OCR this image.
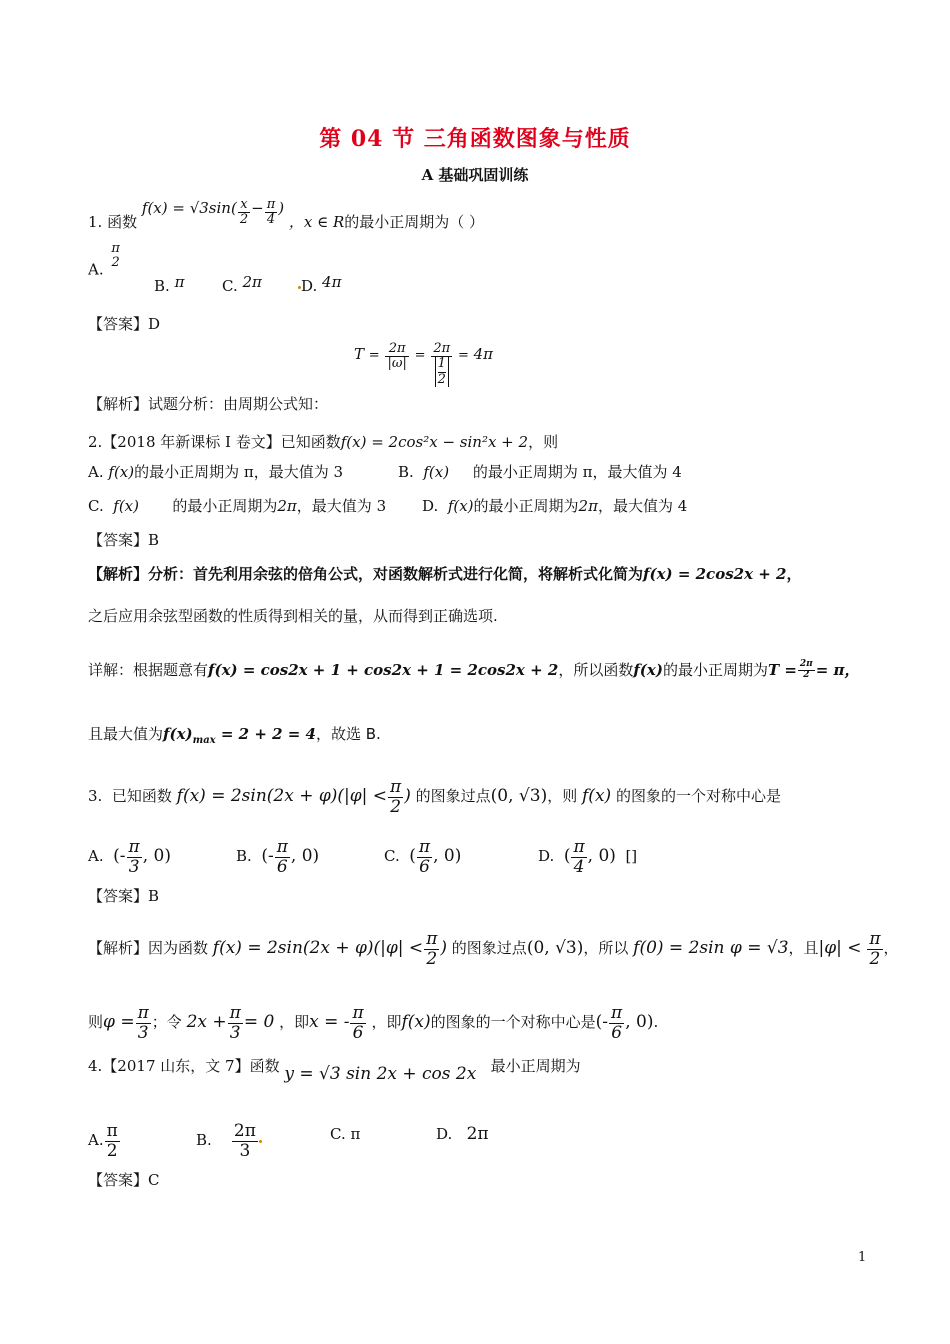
第 04 节 三角函数图象与性质
A 基础巩固训练
1. 函数 $f(x) = √3\sin( \frac{x}{2} - \frac{\pi}{4}$ ) ，x ∈ R的最小正周期为（ ）
A.
π
2
B. π	C. 2π	D. 4π
【答案】D
$T = \frac{2\pi}{|\omega|} = \frac{2\pi}{\frac{1}{2}} = 4\pi$
【解析】试题分析：由周期公式知：
2.【2018 年新课标 I 卷文】已知函数f(x) = 2cos²x − sin²x + 2，则
A. f(x)的最小正周期为 π，最大值为 3	B. f(x) 的最小正周期为 π，最大值为 4
C. f(x) 的最小正周期为2π，最大值为 3 D. f(x)的最小正周期为2π，最大值为 4
【答案】B
【解析】分析：首先利用余弦的倍角公式，对函数解析式进行化简，将解析式化简为f(x) = 2cos2x + 2，
之后应用余弦型函数的性质得到相关的量，从而得到正确选项.
详解：根据题意有f(x) = cos2x + 1 + cos2x + 1 = 2cos2x + 2，所以函数f(x)的最小正周期为$T = \frac{2\pi}{2} = \pi$，
且最大值为$f(x)_{max} = 2 + 2 = 4$，故选 B.
3. 已知函数 $f(x) = 2\sin(2x + \varphi)(|\varphi| < \frac{\pi}{2}$ ) 的图象过点(0, √3)，则 f(x) 的图象的一个对称中心是
A. (- $\frac{\pi}{3}$ , 0)	B. (- $\frac{\pi}{6}$ , 0)	C. ( $\frac{\pi}{6}$ , 0)	D. ( $\frac{\pi}{4}$ , 0) []
【答案】B
【解析】因为函数 $f(x) = 2\sin(2x + \varphi)(|\varphi| < \frac{\pi}{2}$ ) 的图象过点(0, √3)，所以 f(0) = 2sin φ = √3，且$|\varphi| < \frac{\pi}{2}$ ，
则$\varphi = \frac{\pi}{3}$ ；令 $2x + \frac{\pi}{3} = 0$ ，即x = - $\frac{\pi}{6}$ ，即f(x)的图象的一个对称中心是(- $\frac{\pi}{6}$ , 0).
4.【2017 山东，文 7】函数 y = √3 sin 2x + cos 2x 最小正周期为
A. $\frac{\pi}{2}$	B. $\frac{2\pi}{3}$	C. π	D. 2π
【答案】C
1
